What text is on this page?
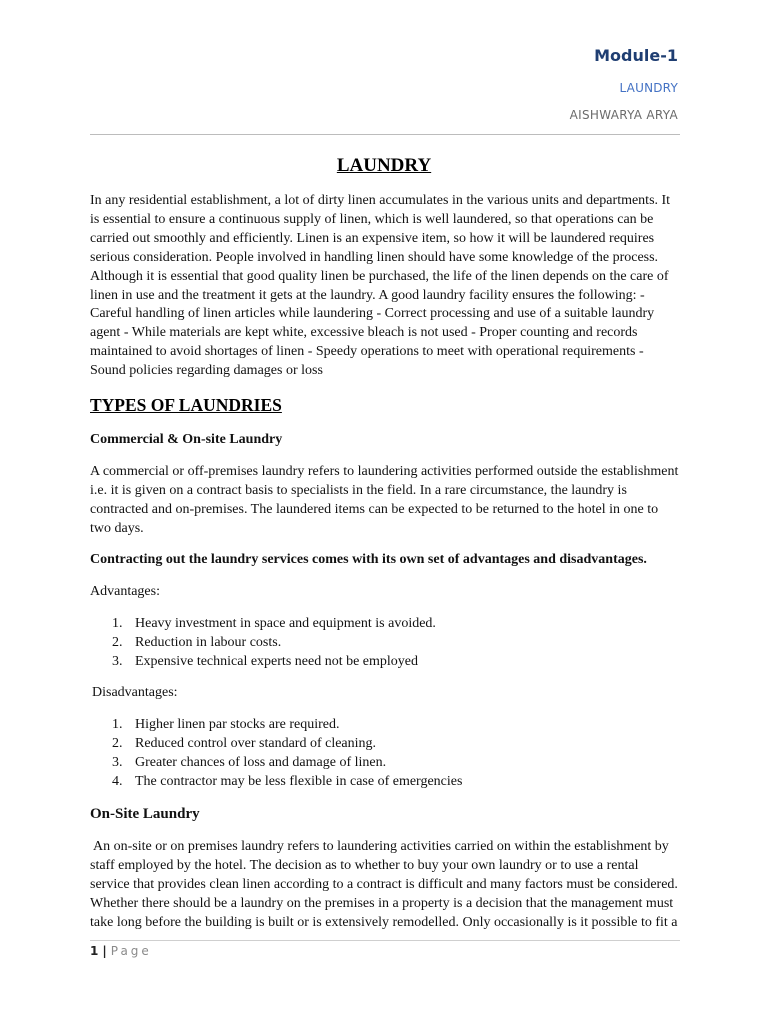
Module-1
LAUNDRY
AISHWARYA ARYA
LAUNDRY
In any residential establishment, a lot of dirty linen accumulates in the various units and departments. It is essential to ensure a continuous supply of linen, which is well laundered, so that operations can be carried out smoothly and efficiently. Linen is an expensive item, so how it will be laundered requires serious consideration. People involved in handling linen should have some knowledge of the process. Although it is essential that good quality linen be purchased, the life of the linen depends on the care of linen in use and the treatment it gets at the laundry. A good laundry facility ensures the following: - Careful handling of linen articles while laundering - Correct processing and use of a suitable laundry agent - While materials are kept white, excessive bleach is not used - Proper counting and records maintained to avoid shortages of linen - Speedy operations to meet with operational requirements -Sound policies regarding damages or loss
TYPES OF LAUNDRIES
Commercial & On-site Laundry
A commercial or off-premises laundry refers to laundering activities performed outside the establishment i.e. it is given on a contract basis to specialists in the field. In a rare circumstance, the laundry is contracted and on-premises. The laundered items can be expected to be returned to the hotel in one to two days.
Contracting out the laundry services comes with its own set of advantages and disadvantages.
Advantages:
1. Heavy investment in space and equipment is avoided.
2. Reduction in labour costs.
3. Expensive technical experts need not be employed
Disadvantages:
1. Higher linen par stocks are required.
2. Reduced control over standard of cleaning.
3. Greater chances of loss and damage of linen.
4. The contractor may be less flexible in case of emergencies
On-Site Laundry
An on-site or on premises laundry refers to laundering activities carried on within the establishment by staff employed by the hotel. The decision as to whether to buy your own laundry or to use a rental service that provides clean linen according to a contract is difficult and many factors must be considered. Whether there should be a laundry on the premises in a property is a decision that the management must take long before the building is built or is extensively remodelled. Only occasionally is it possible to fit a
1 | Page
